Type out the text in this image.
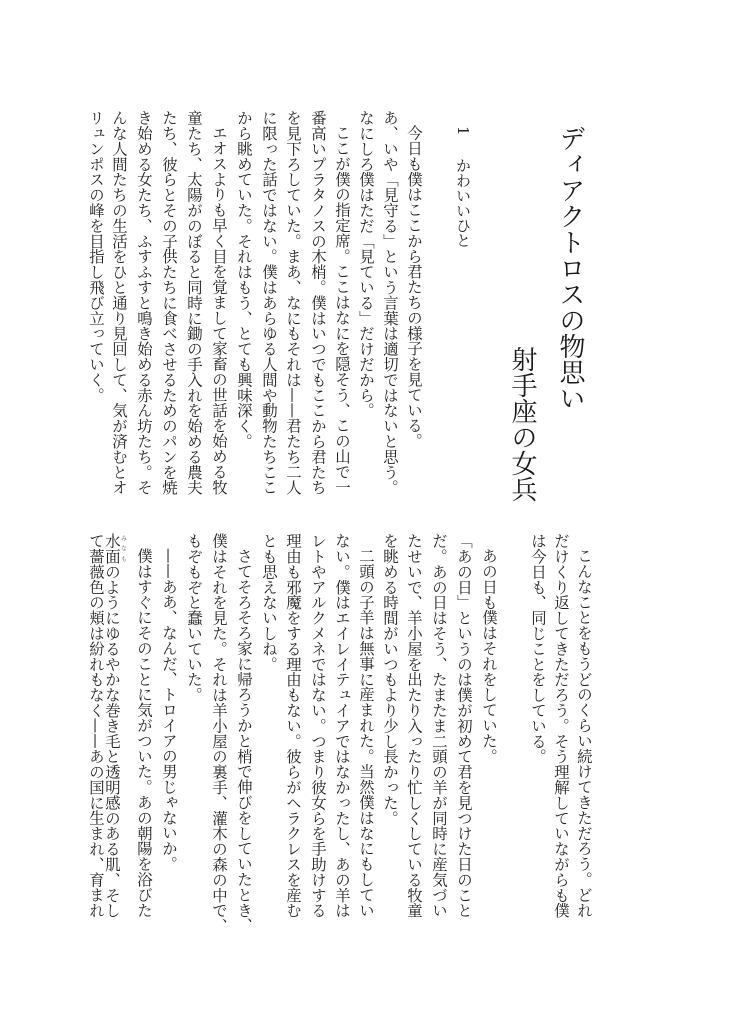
ディアクトロスの物思い
射手座の女兵
1
かわいいひと
今日も僕はここから君たちの様子を見ている。
あ、いや「見守る」という言葉は適切ではないと思う。
なにしろ僕はただ「見ている」だけだから。
ここが僕の指定席。ここはなにを隠そう、この山で一
番高いプラタノスの木梢。僕はいつでもここから君たち
を見下ろしていた。まあ、なにもそれは——君たち二人
に限った話ではない。僕はあらゆる人間や動物たちここ
から眺めていた。それはもう、とても興味深く。
エオスよりも早く目を覚まして家畜の世話を始める牧
童たち、太陽がのぼると同時に鋤の手入れを始める農夫
たち、彼らとその子供たちに食べさせるためのパンを焼
き始める女たち、ふすふすと鳴き始める赤ん坊たち。そ
んな人間たちの生活をひと通り見回して、気が済むとオ
リュンポスの峰を目指し飛び立っていく。
こんなことをもうどのくらい続けてきただろう。どれ
だけくり返してきただろう。そう理解していながらも僕
は今日も、同じことをしている。
あの日も僕はそれをしていた。
「あの日」というのは僕が初めて君を見つけた日のこと
だ。あの日はそう、たまたま二頭の羊が同時に産気づい
たせいで、羊小屋を出たり入ったり忙しくしている牧童
を眺める時間がいつもより少し長かった。
二頭の子羊は無事に産まれた。当然僕はなにもしてい
ない。僕はエイレイテュイアではなかったし、あの羊は
レトやアルクメネではない。つまり彼女らを手助けする
理由も邪魔をする理由もない。彼らがヘラクレスを産む
とも思えないしね。
さてそろそろ家に帰ろうかと梢で伸びをしていたとき、
僕はそれを見た。それは羊小屋の裏手、灌木の森の中で、
もぞもぞと蠢いていた。
——ああ、なんだ、トロイアの男じゃないか。
僕はすぐにそのことに気がついた。あの朝陽を浴びた
水面みなものようにゆるやかな巻き毛と透明感のある肌、そし
て薔薇色の頬は紛れもなく——あの国に生まれ、育まれ
